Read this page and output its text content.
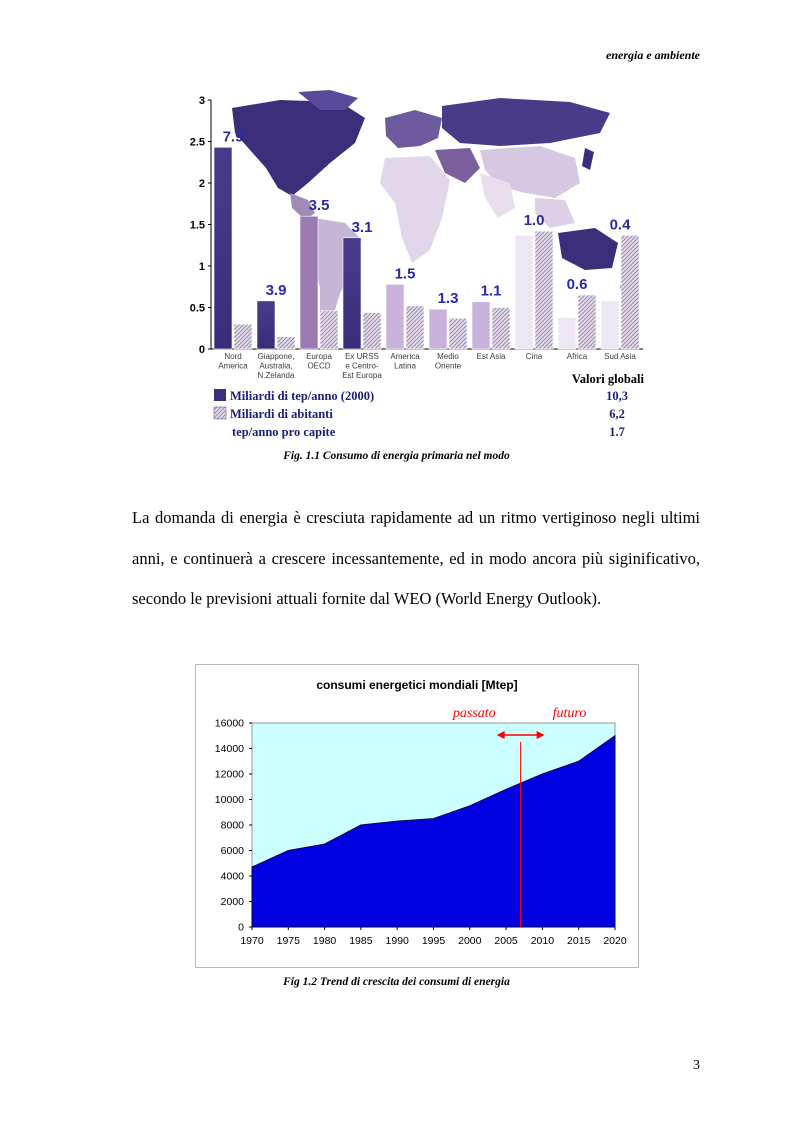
energia e ambiente
3
2.5
2
1.5
1
0.5
0
7.9
Nord
America
3.9
Giappone,
Australia,
N.Zelanda
3.5
Europa
OECD
3.1
Ex URSS
e Centro-
Est Europa
1.5
America
Latina
1.3
Medio
Oriente
1.1
Est Asia
1.0
Cina
0.6
Africa
0.4
Sud Asia
Valori globali
Miliardi di tep/anno (2000)	10,3
Miliardi di abitanti	6,2
tep/anno pro capite	1.7
Fig. 1.1 Consumo di energia primaria nel modo
La domanda di energia è cresciuta rapidamente ad un ritmo vertiginoso negli ultimi anni, e continuerà a crescere incessantemente, ed in modo ancora più siginificativo, secondo le previsioni attuali fornite dal WEO (World Energy Outlook).
consumi energetici mondiali [Mtep]
0
2000
4000
6000
8000
10000
12000
14000
16000
1970 1975 1980 1985 1990 1995 2000 2005 2010 2015 2020
passato	futuro
Fig 1.2 Trend di crescita dei consumi di energia
3
